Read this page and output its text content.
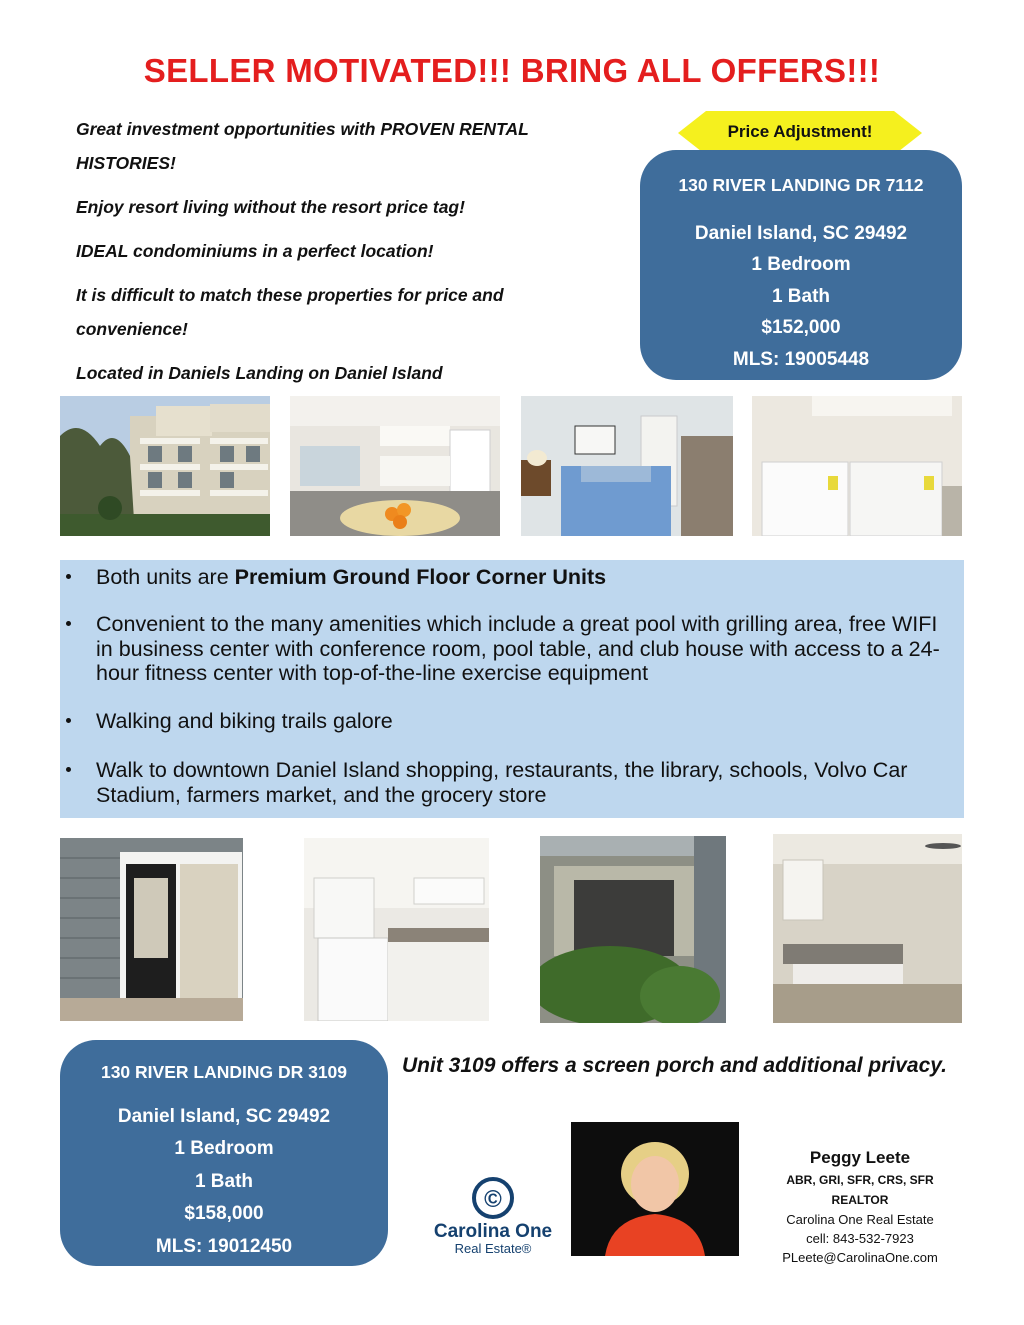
SELLER MOTIVATED!!! BRING ALL OFFERS!!!

Great investment opportunities with PROVEN RENTAL HISTORIES!

Enjoy resort living without the resort price tag!

IDEAL condominiums in a perfect location!

It is difficult to match these properties for price and convenience!

Located in Daniels Landing on Daniel Island

Price Adjustment!
130 RIVER LANDING DR 7112
Daniel Island, SC 29492
1 Bedroom
1 Bath
$152,000
MLS: 19005448
Both units are Premium Ground Floor Corner Units
Convenient to the many amenities which include a great pool with grilling area, free WIFI in business center with conference room, pool table, and club house with access to a 24-hour fitness center with top-of-the-line exercise equipment
Walking and biking trails galore
Walk to downtown Daniel Island shopping, restaurants, the library, schools, Volvo Car Stadium, farmers market, and the grocery store
130 RIVER LANDING DR 3109
Daniel Island, SC 29492
1 Bedroom
1 Bath
$158,000
MLS: 19012450
Unit 3109 offers a screen porch and additional privacy.
©
Carolina One
Real Estate®
Peggy Leete
ABR, GRI, SFR, CRS, SFR
REALTOR
Carolina One Real Estate
cell: 843-532-7923
PLeete@CarolinaOne.com
